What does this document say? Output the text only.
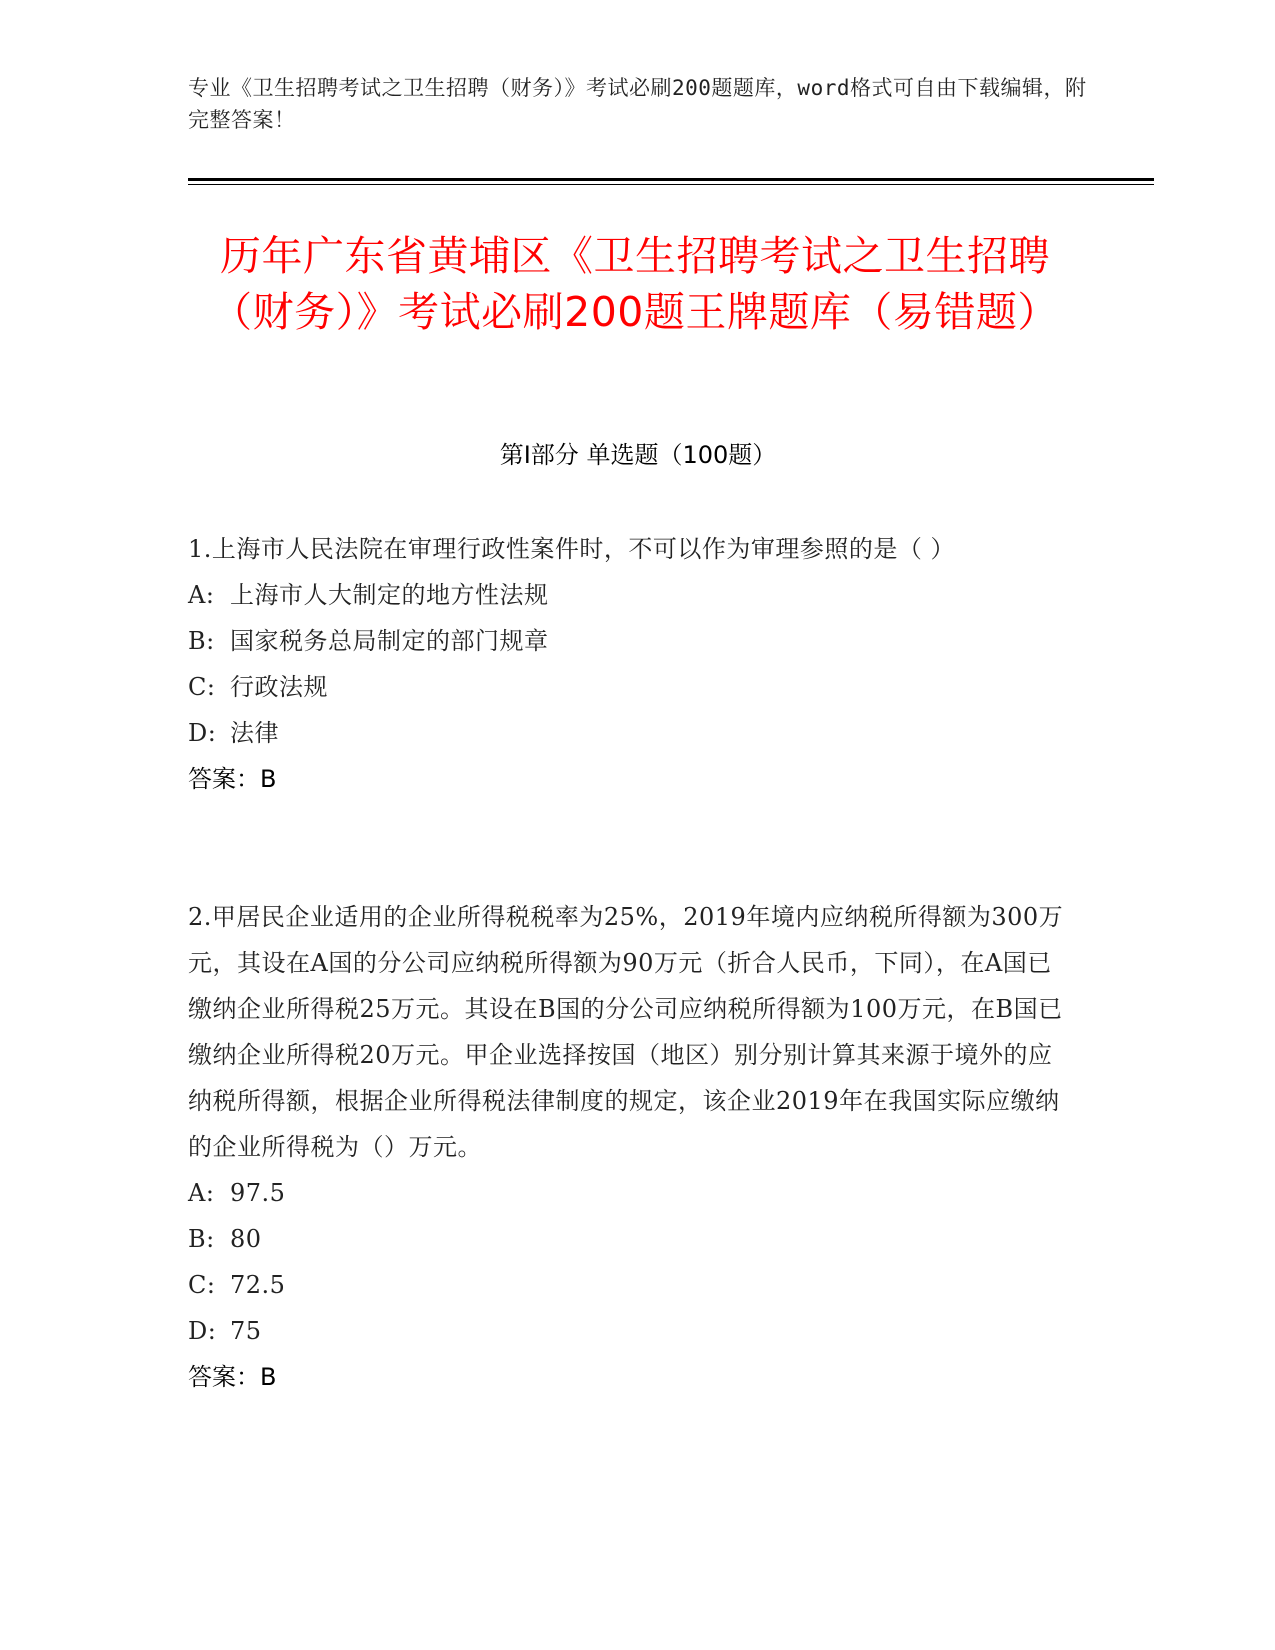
专业《卫生招聘考试之卫生招聘（财务）》考试必刷200题题库，word格式可自由下载编辑，附完整答案！
历年广东省黄埔区《卫生招聘考试之卫生招聘（财务）》考试必刷200题王牌题库（易错题）
第Ⅰ部分 单选题（100题）

1.上海市人民法院在审理行政性案件时，不可以作为审理参照的是（ ）

A: 上海市人大制定的地方性法规

B: 国家税务总局制定的部门规章

C: 行政法规

D: 法律

答案：B

2.甲居民企业适用的企业所得税税率为25%，2019年境内应纳税所得额为300万元，其设在A国的分公司应纳税所得额为90万元（折合人民币，下同），在A国已缴纳企业所得税25万元。其设在B国的分公司应纳税所得额为100万元，在B国已缴纳企业所得税20万元。甲企业选择按国（地区）别分别计算其来源于境外的应纳税所得额，根据企业所得税法律制度的规定，该企业2019年在我国实际应缴纳的企业所得税为（）万元。

A: 97.5

B: 80

C: 72.5

D: 75

答案：B
